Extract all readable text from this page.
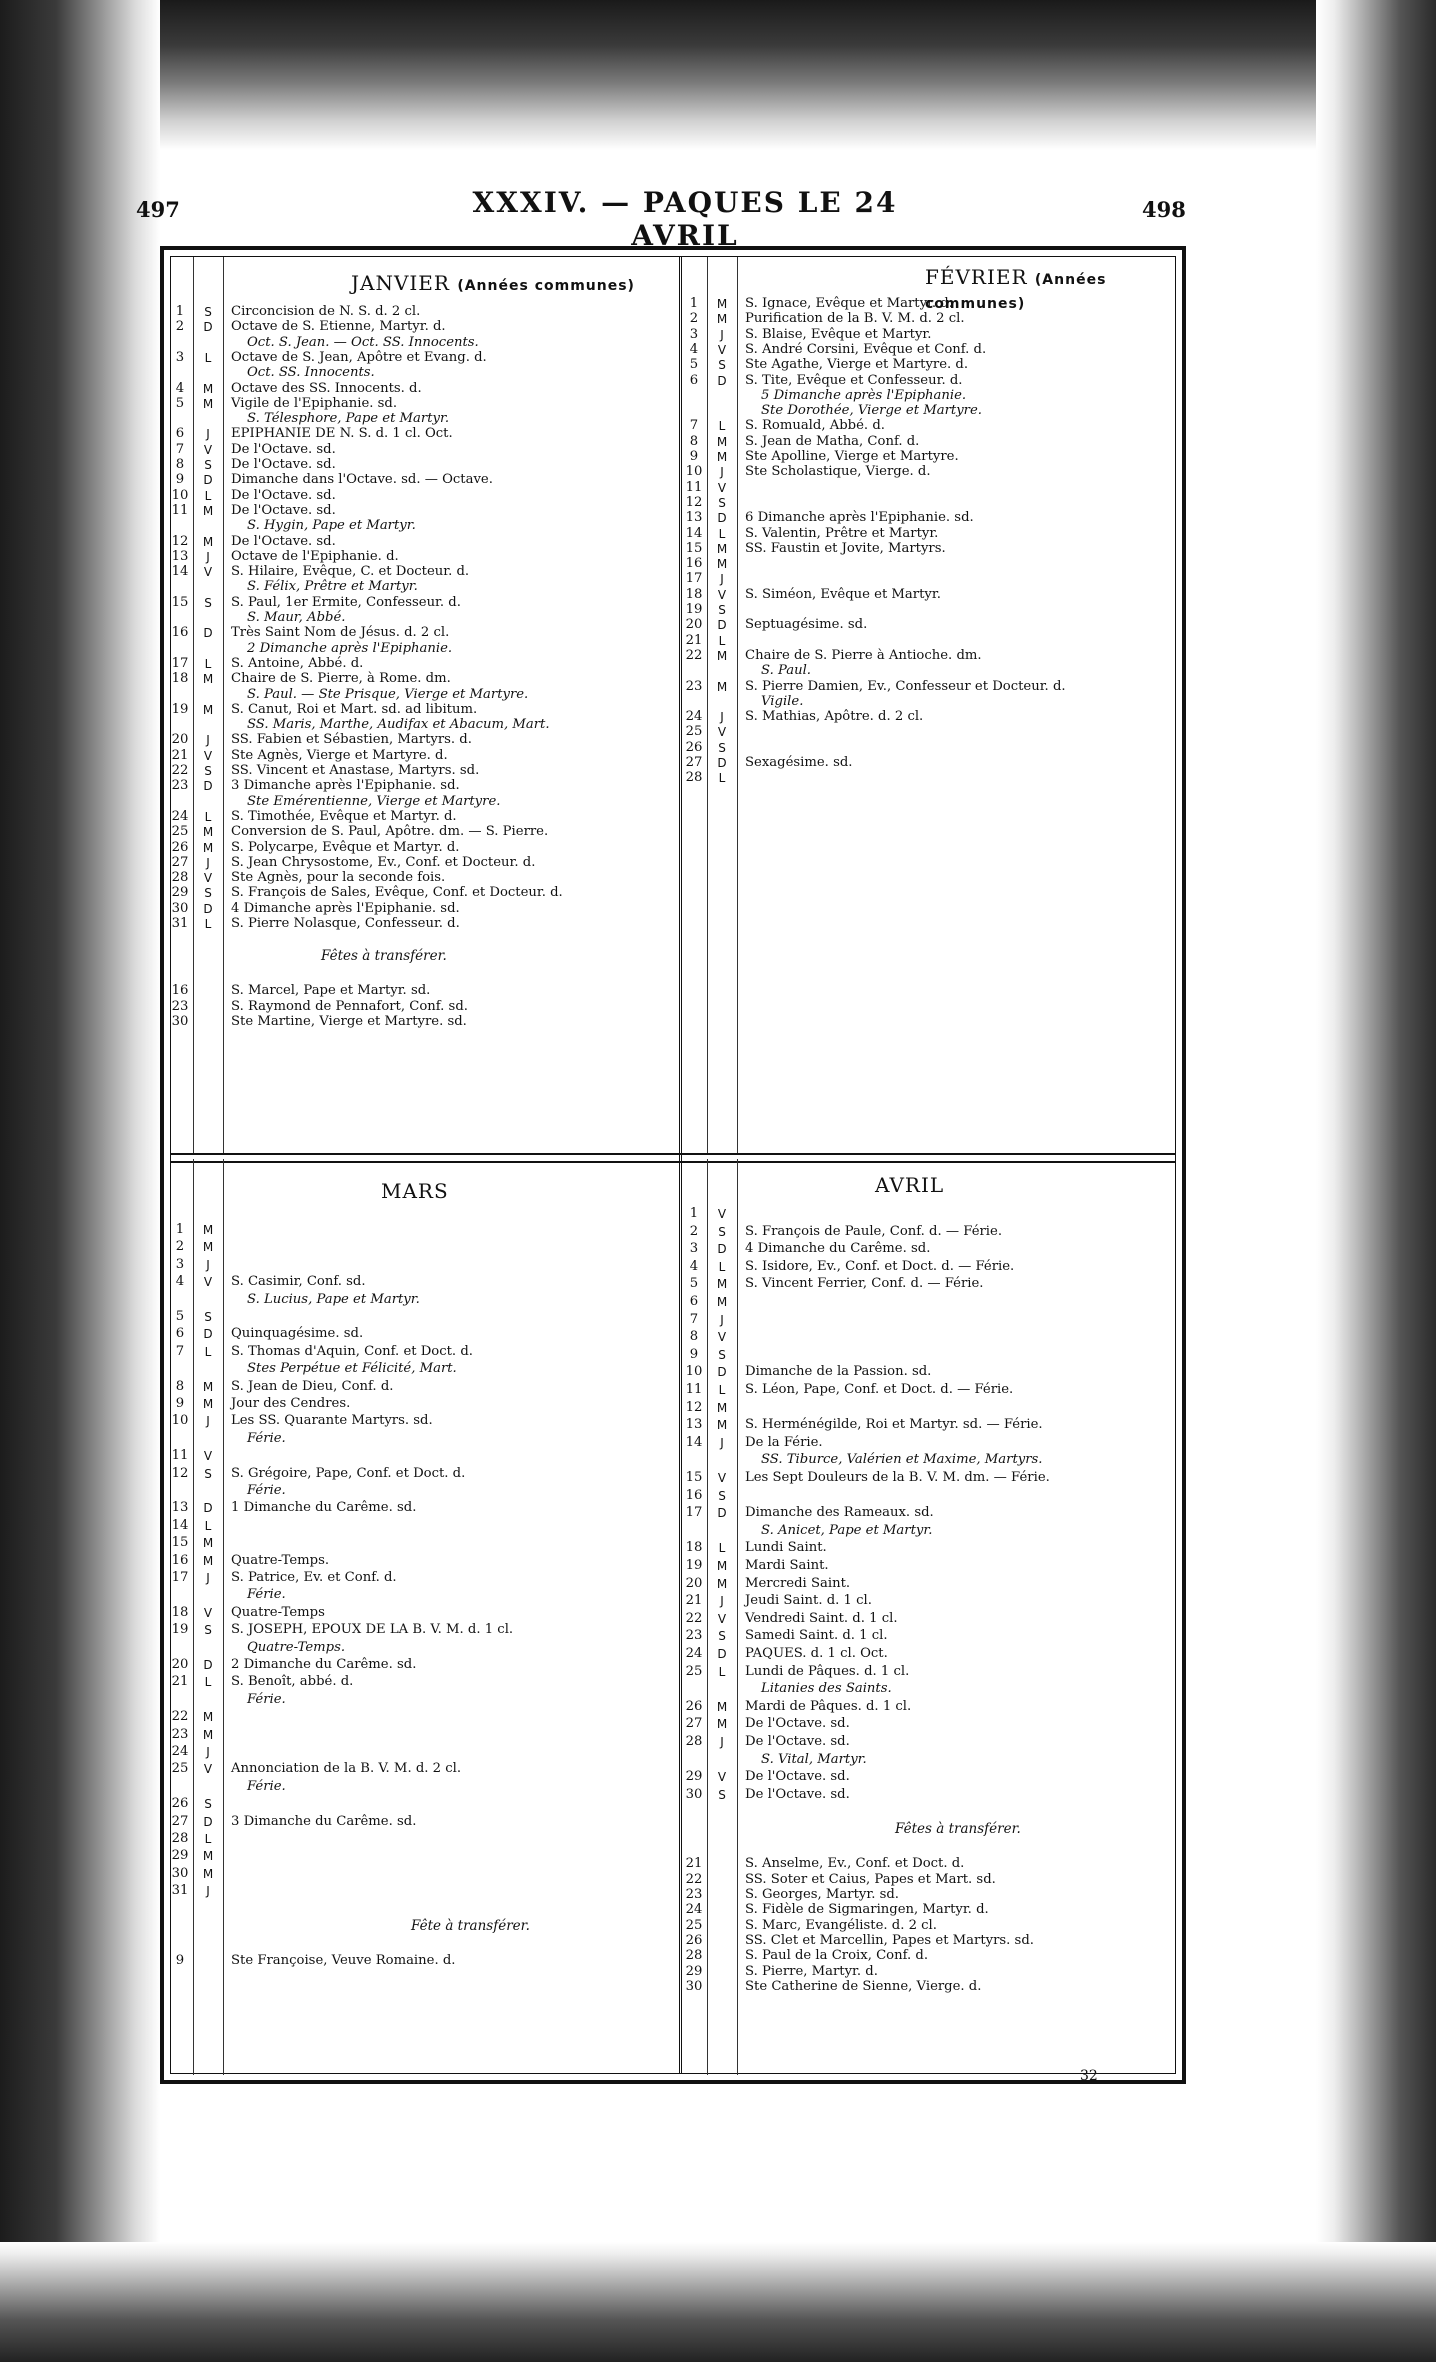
497	XXXIV. — PAQUES LE 24 AVRIL
498
JANVIER (Années communes)
1	S	Circoncision de N. S. d. 2 cl.
2	D	Octave de S. Etienne, Martyr. d.
Oct. S. Jean. — Oct. SS. Innocents.
3	L	Octave de S. Jean, Apôtre et Evang. d.
Oct. SS. Innocents.
4	M	Octave des SS. Innocents. d.
5	M	Vigile de l'Epiphanie. sd.
S. Télesphore, Pape et Martyr.
6	J	EPIPHANIE DE N. S. d. 1 cl. Oct.
7	V	De l'Octave. sd.
8	S	De l'Octave. sd.
9	D	Dimanche dans l'Octave. sd. — Octave.
10	L	De l'Octave. sd.
11	M	De l'Octave. sd.
S. Hygin, Pape et Martyr.
12	M	De l'Octave. sd.
13	J	Octave de l'Epiphanie. d.
14	V	S. Hilaire, Evêque, C. et Docteur. d.
S. Félix, Prêtre et Martyr.
15	S	S. Paul, 1er Ermite, Confesseur. d.
S. Maur, Abbé.
16	D	Très Saint Nom de Jésus. d. 2 cl.
2 Dimanche après l'Epiphanie.
17	L	S. Antoine, Abbé. d.
18	M	Chaire de S. Pierre, à Rome. dm.
S. Paul. — Ste Prisque, Vierge et Martyre.
19	M	S. Canut, Roi et Mart. sd. ad libitum.
SS. Maris, Marthe, Audifax et Abacum, Mart.
20	J	SS. Fabien et Sébastien, Martyrs. d.
21	V	Ste Agnès, Vierge et Martyre. d.
22	S	SS. Vincent et Anastase, Martyrs. sd.
23	D	3 Dimanche après l'Epiphanie. sd.
Ste Emérentienne, Vierge et Martyre.
24	L	S. Timothée, Evêque et Martyr. d.
25	M	Conversion de S. Paul, Apôtre. dm. — S. Pierre.
26	M	S. Polycarpe, Evêque et Martyr. d.
27	J	S. Jean Chrysostome, Ev., Conf. et Docteur. d.
28	V	Ste Agnès, pour la seconde fois.
29	S	S. François de Sales, Evêque, Conf. et Docteur. d.
30	D	4 Dimanche après l'Epiphanie. sd.
31	L	S. Pierre Nolasque, Confesseur. d.
Fêtes à transférer.
16	S. Marcel, Pape et Martyr. sd.
23	S. Raymond de Pennafort, Conf. sd.
30	Ste Martine, Vierge et Martyre. sd.
FÉVRIER (Années communes)
1	M	S. Ignace, Evêque et Martyr. d.
2	M	Purification de la B. V. M. d. 2 cl.
3	J	S. Blaise, Evêque et Martyr.
4	V	S. André Corsini, Evêque et Conf. d.
5	S	Ste Agathe, Vierge et Martyre. d.
6	D	S. Tite, Evêque et Confesseur. d.
5 Dimanche après l'Epiphanie.
Ste Dorothée, Vierge et Martyre.
7	L	S. Romuald, Abbé. d.
8	M	S. Jean de Matha, Conf. d.
9	M	Ste Apolline, Vierge et Martyre.
10	J	Ste Scholastique, Vierge. d.
11	V
12	S
13	D	6 Dimanche après l'Epiphanie. sd.
14	L	S. Valentin, Prêtre et Martyr.
15	M	SS. Faustin et Jovite, Martyrs.
16	M
17	J
18	V	S. Siméon, Evêque et Martyr.
19	S
20	D	Septuagésime. sd.
21	L
22	M	Chaire de S. Pierre à Antioche. dm.
S. Paul.
23	M	S. Pierre Damien, Ev., Confesseur et Docteur. d.
Vigile.
24	J	S. Mathias, Apôtre. d. 2 cl.
25	V
26	S
27	D	Sexagésime. sd.
28	L
MARS
1	M
2	M
3	J
4	V	S. Casimir, Conf. sd.
S. Lucius, Pape et Martyr.
5	S
6	D	Quinquagésime. sd.
7	L	S. Thomas d'Aquin, Conf. et Doct. d.
Stes Perpétue et Félicité, Mart.
8	M	S. Jean de Dieu, Conf. d.
9	M	Jour des Cendres.
10	J	Les SS. Quarante Martyrs. sd.
Férie.
11	V
12	S	S. Grégoire, Pape, Conf. et Doct. d.
Férie.
13	D	1 Dimanche du Carême. sd.
14	L
15	M
16	M	Quatre-Temps.
17	J	S. Patrice, Ev. et Conf. d.
Férie.
18	V	Quatre-Temps
19	S	S. JOSEPH, EPOUX DE LA B. V. M. d. 1 cl.
Quatre-Temps.
20	D	2 Dimanche du Carême. sd.
21	L	S. Benoît, abbé. d.
Férie.
22	M
23	M
24	J
25	V	Annonciation de la B. V. M. d. 2 cl.
Férie.
26	S
27	D	3 Dimanche du Carême. sd.
28	L
29	M
30	M
31	J
Fête à transférer.
9	Ste Françoise, Veuve Romaine. d.
AVRIL
1	V
2	S	S. François de Paule, Conf. d. — Férie.
3	D	4 Dimanche du Carême. sd.
4	L	S. Isidore, Ev., Conf. et Doct. d. — Férie.
5	M	S. Vincent Ferrier, Conf. d. — Férie.
6	M
7	J
8	V
9	S
10	D	Dimanche de la Passion. sd.
11	L	S. Léon, Pape, Conf. et Doct. d. — Férie.
12	M
13	M	S. Herménégilde, Roi et Martyr. sd. — Férie.
14	J	De la Férie.
SS. Tiburce, Valérien et Maxime, Martyrs.
15	V	Les Sept Douleurs de la B. V. M. dm. — Férie.
16	S
17	D	Dimanche des Rameaux. sd.
S. Anicet, Pape et Martyr.
18	L	Lundi Saint.
19	M	Mardi Saint.
20	M	Mercredi Saint.
21	J	Jeudi Saint. d. 1 cl.
22	V	Vendredi Saint. d. 1 cl.
23	S	Samedi Saint. d. 1 cl.
24	D	PAQUES. d. 1 cl. Oct.
25	L	Lundi de Pâques. d. 1 cl.
Litanies des Saints.
26	M	Mardi de Pâques. d. 1 cl.
27	M	De l'Octave. sd.
28	J	De l'Octave. sd.
S. Vital, Martyr.
29	V	De l'Octave. sd.
30	S	De l'Octave. sd.
Fêtes à transférer.
21	S. Anselme, Ev., Conf. et Doct. d.
22	SS. Soter et Caius, Papes et Mart. sd.
23	S. Georges, Martyr. sd.
24	S. Fidèle de Sigmaringen, Martyr. d.
25	S. Marc, Evangéliste. d. 2 cl.
26	SS. Clet et Marcellin, Papes et Martyrs. sd.
28	S. Paul de la Croix, Conf. d.
29	S. Pierre, Martyr. d.
30	Ste Catherine de Sienne, Vierge. d.
32
